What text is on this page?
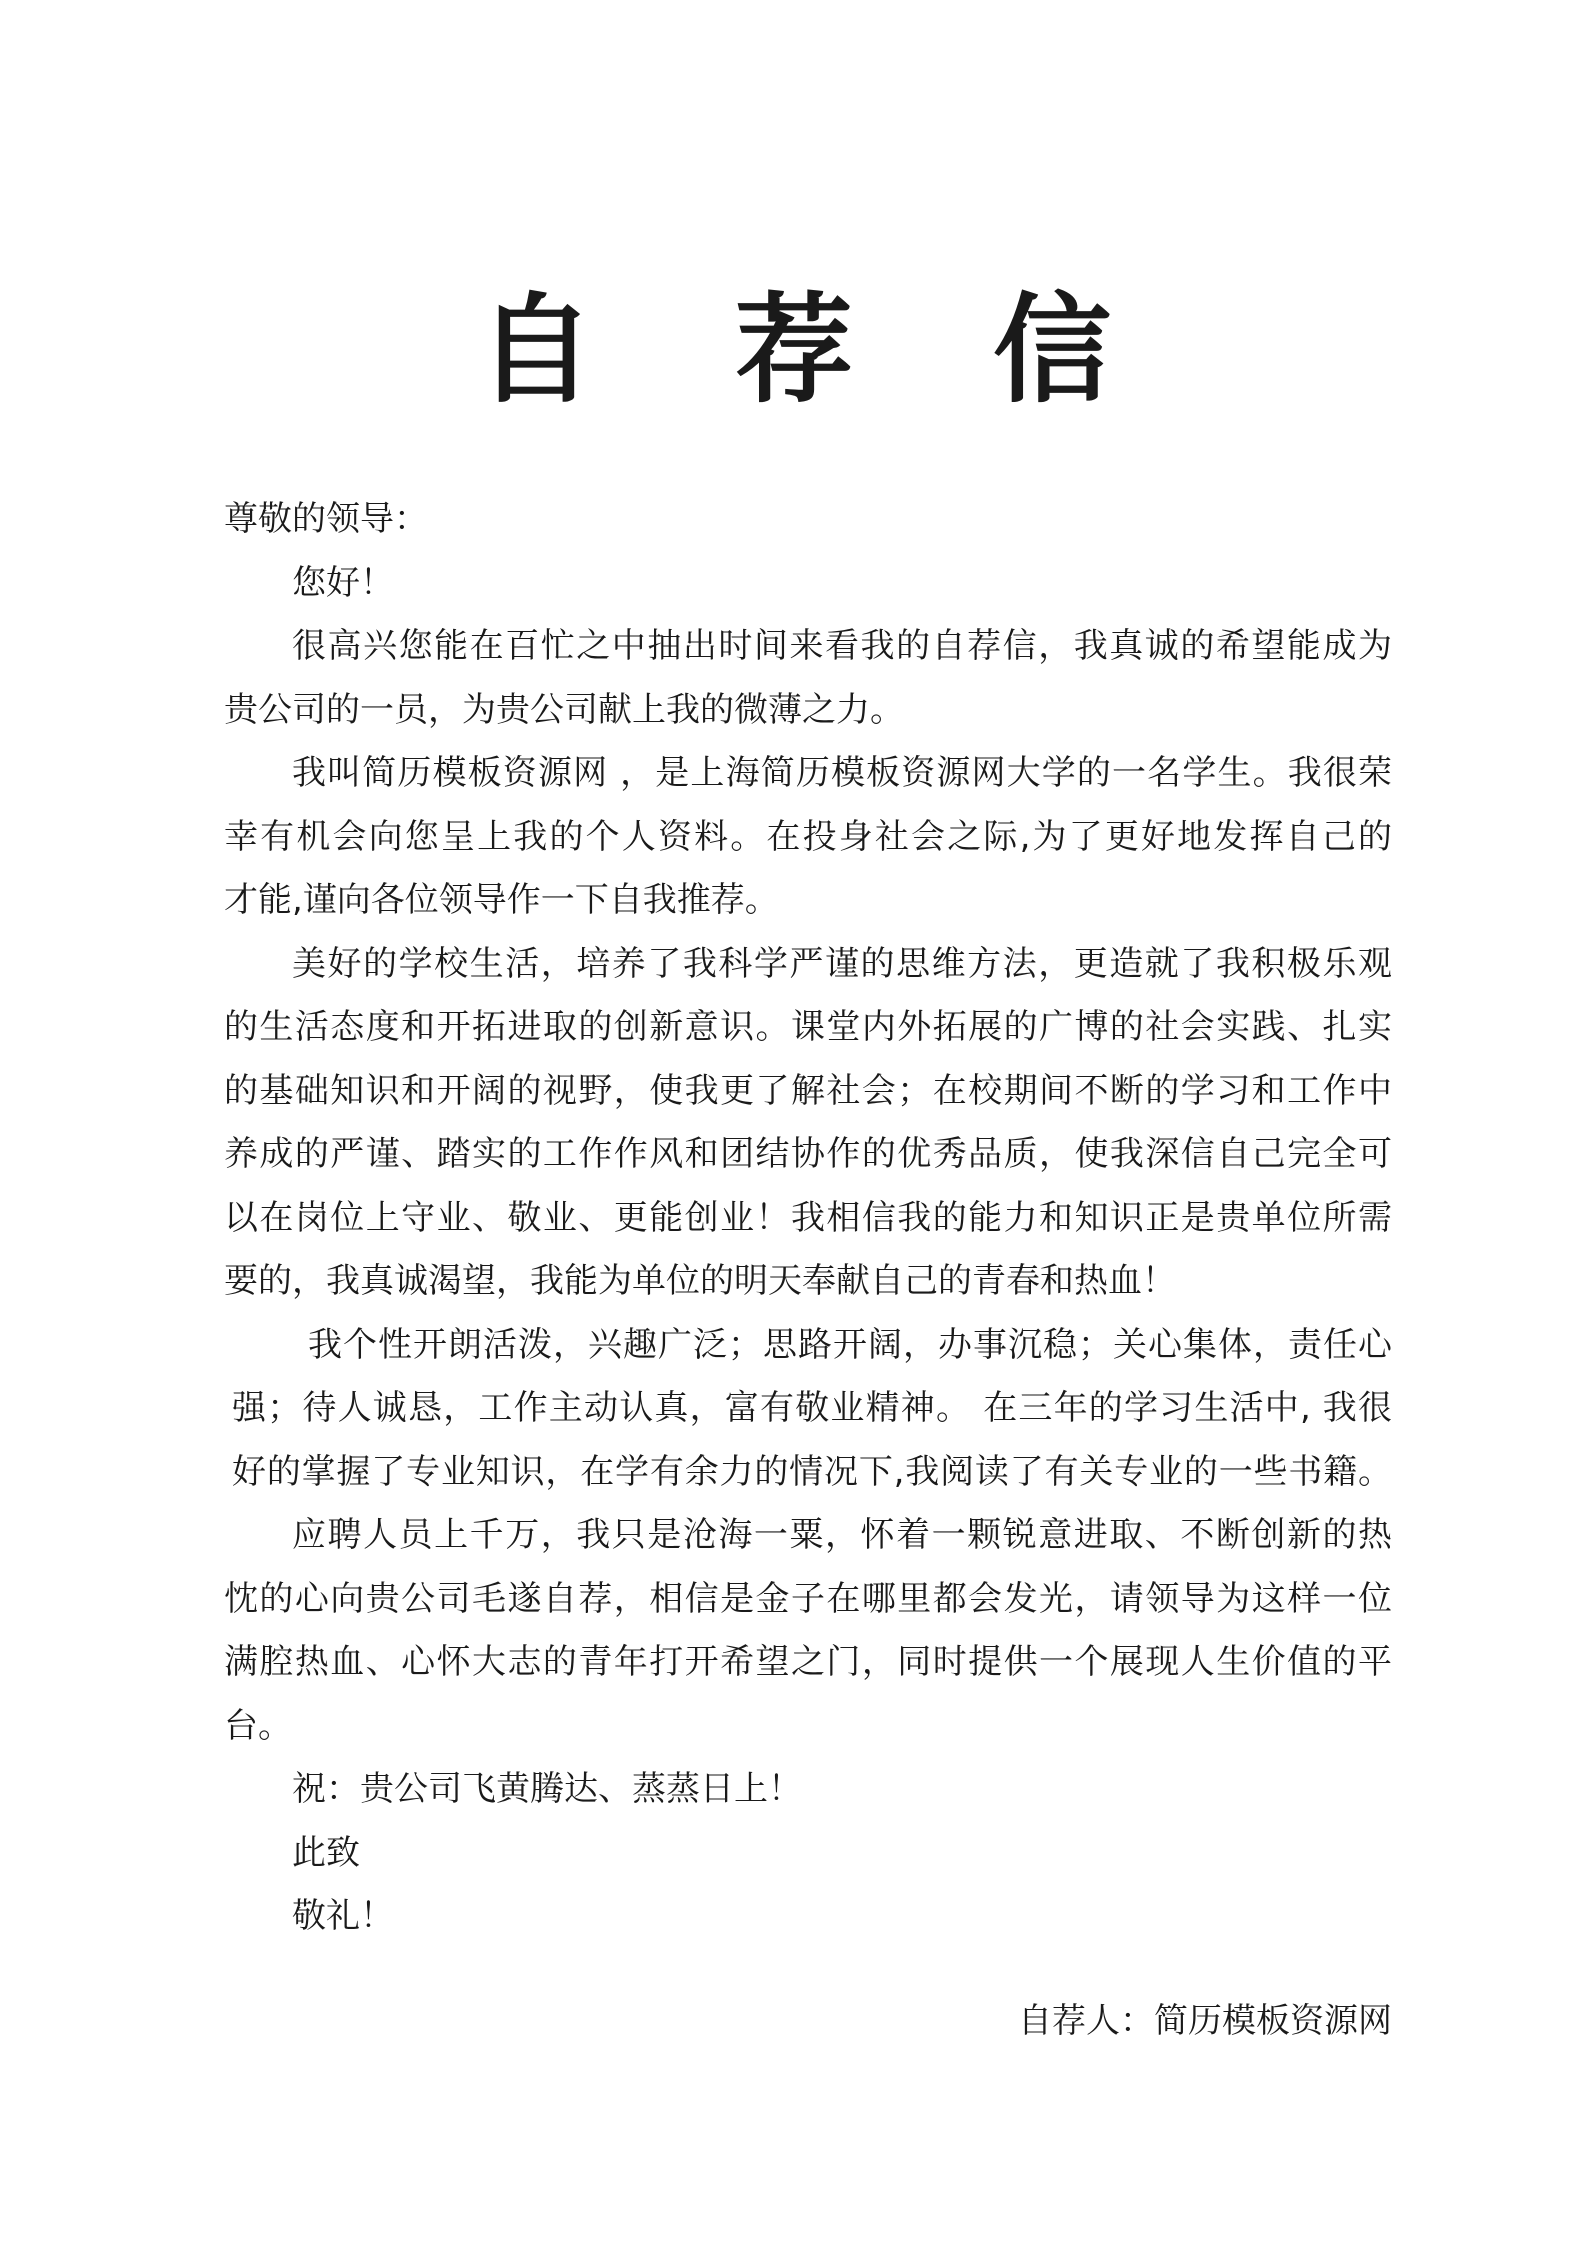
自 荐 信
尊敬的领导：
您好！
很高兴您能在百忙之中抽出时间来看我的自荐信，我真诚的希望能成为
贵公司的一员，为贵公司献上我的微薄之力。
我叫简历模板资源网 ，是上海简历模板资源网大学的一名学生。我很荣
幸有机会向您呈上我的个人资料。在投身社会之际,为了更好地发挥自己的
才能,谨向各位领导作一下自我推荐。
美好的学校生活，培养了我科学严谨的思维方法，更造就了我积极乐观
的生活态度和开拓进取的创新意识。课堂内外拓展的广博的社会实践、扎实
的基础知识和开阔的视野，使我更了解社会；在校期间不断的学习和工作中
养成的严谨、踏实的工作作风和团结协作的优秀品质，使我深信自己完全可
以在岗位上守业、敬业、更能创业！我相信我的能力和知识正是贵单位所需
要的，我真诚渴望，我能为单位的明天奉献自己的青春和热血！
我个性开朗活泼，兴趣广泛；思路开阔，办事沉稳；关心集体，责任心
强；待人诚恳，工作主动认真，富有敬业精神。 在三年的学习生活中, 我很
好的掌握了专业知识，在学有余力的情况下,我阅读了有关专业的一些书籍。
应聘人员上千万，我只是沧海一粟，怀着一颗锐意进取、不断创新的热
忱的心向贵公司毛遂自荐，相信是金子在哪里都会发光，请领导为这样一位
满腔热血、心怀大志的青年打开希望之门，同时提供一个展现人生价值的平
台。
祝：贵公司飞黄腾达、蒸蒸日上！
此致
敬礼！
自荐人：简历模板资源网
